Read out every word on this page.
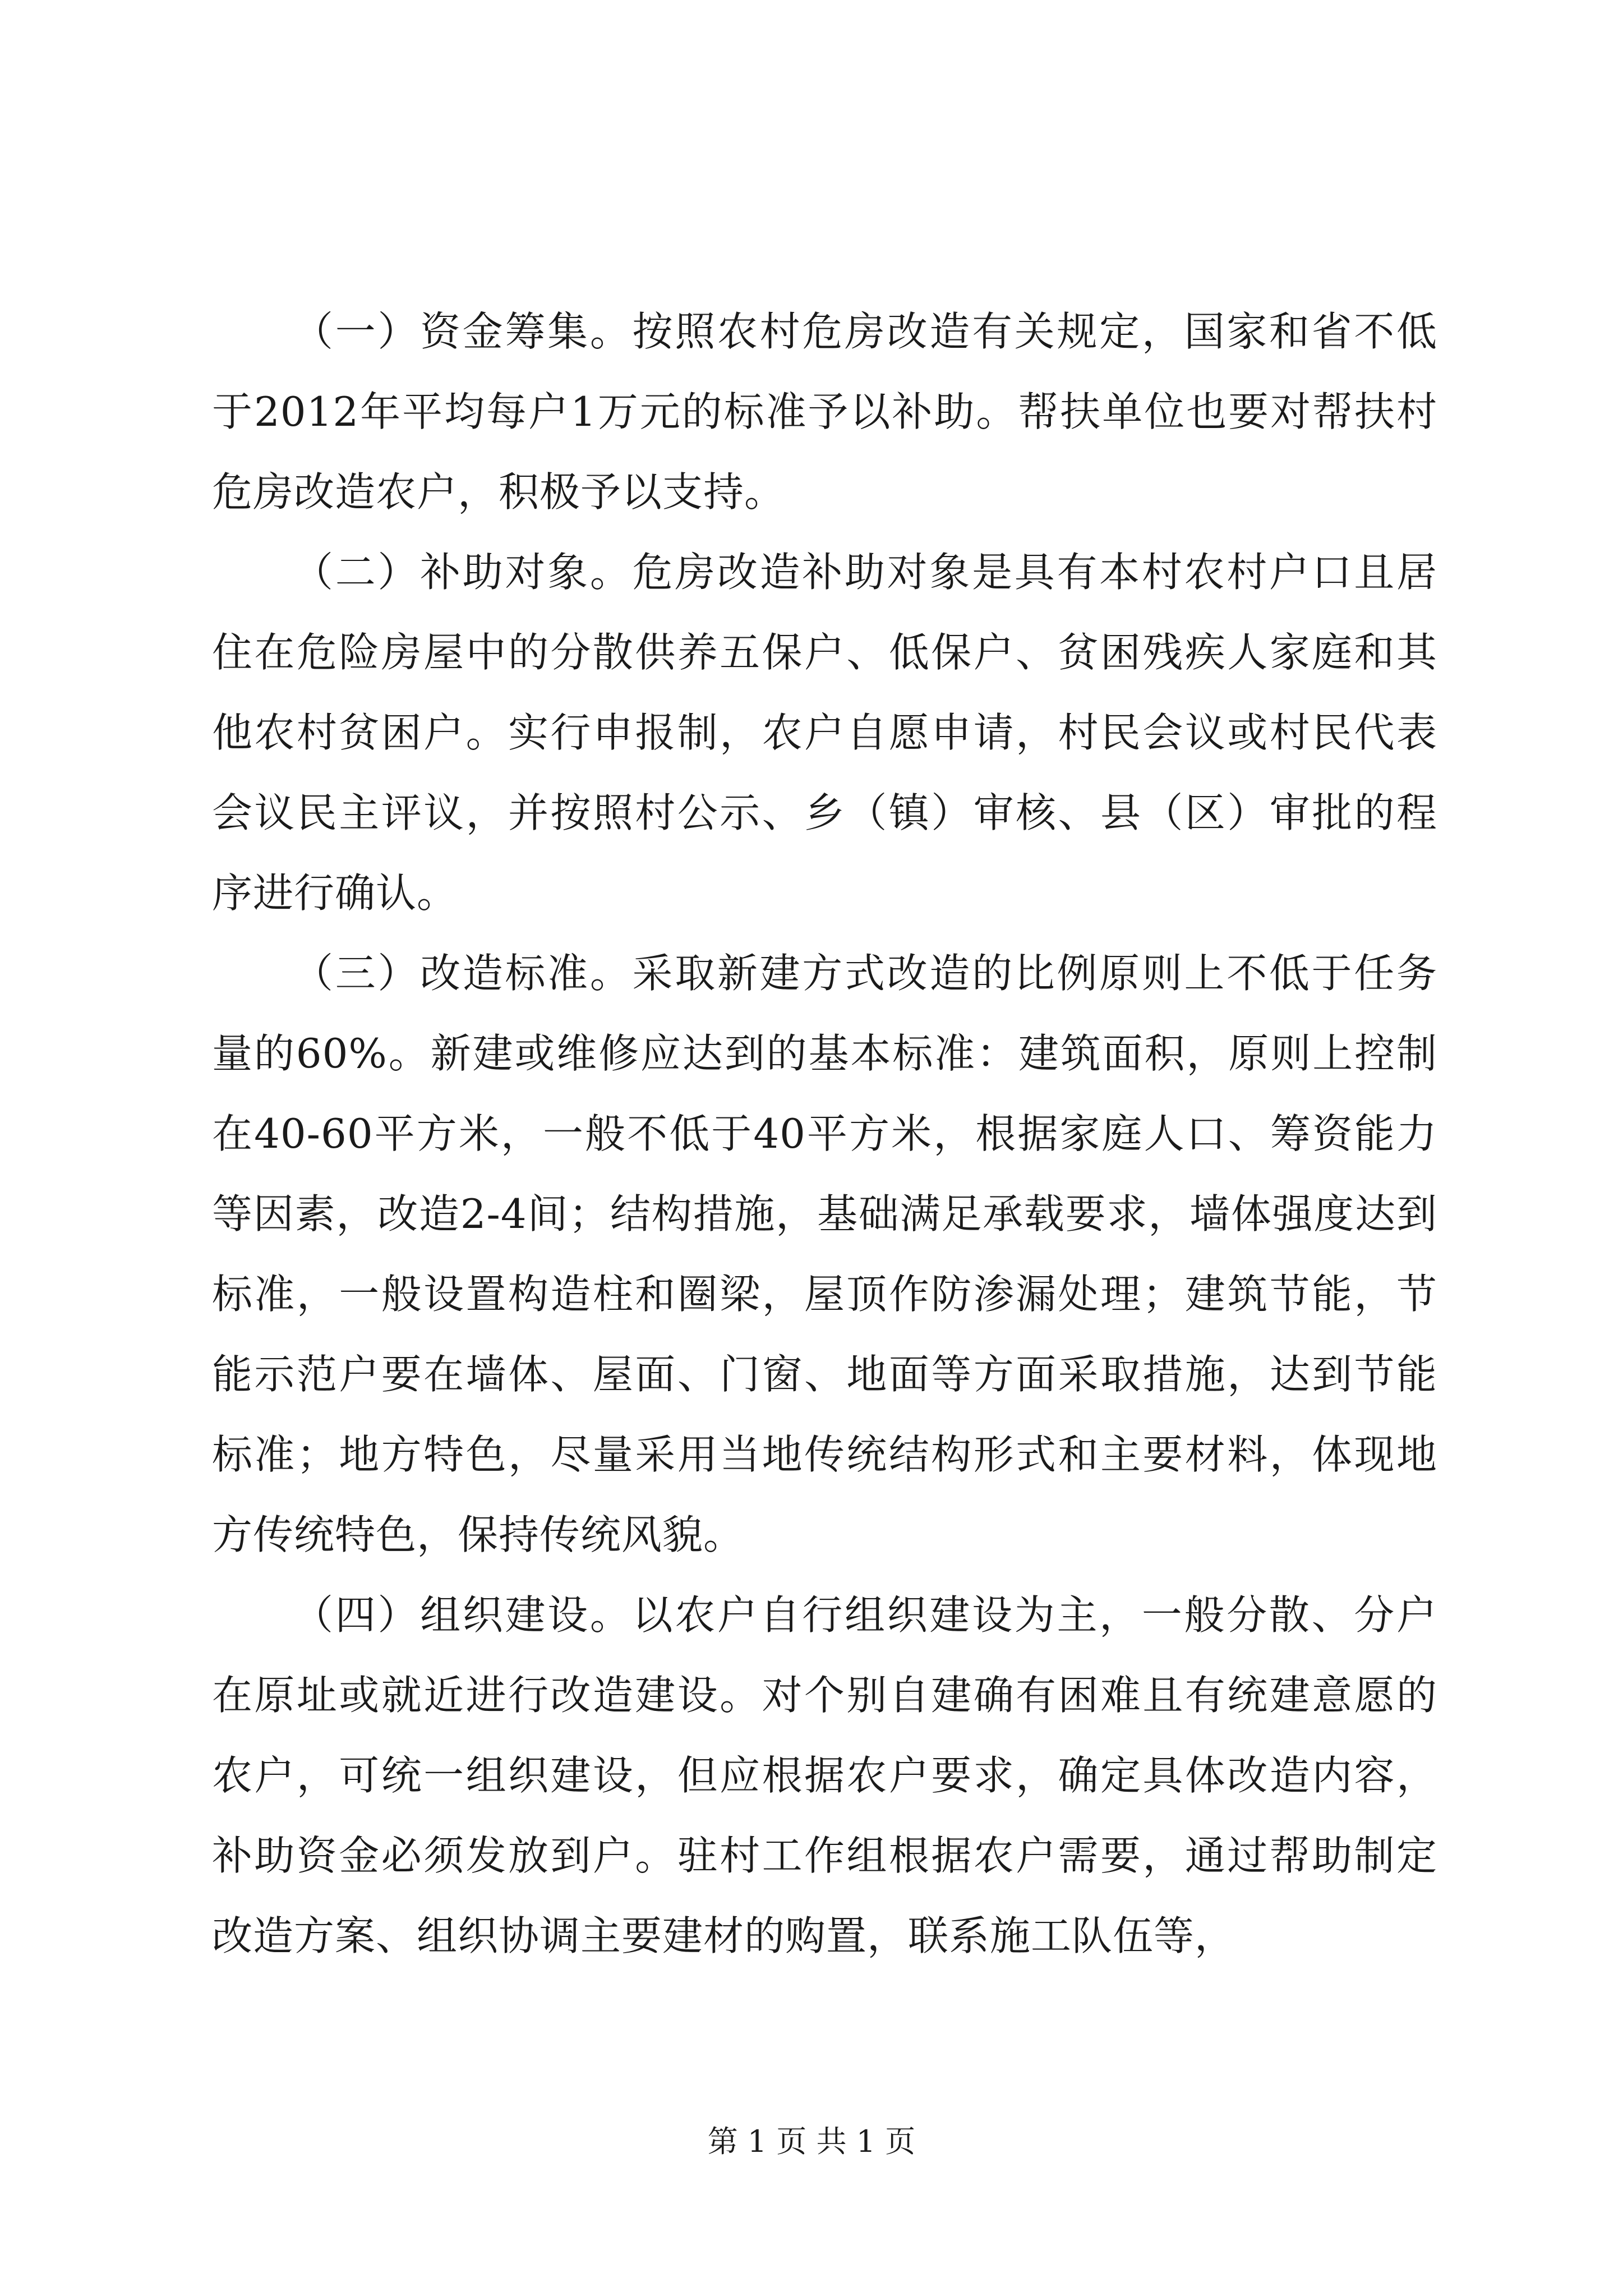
（一）资金筹集。按照农村危房改造有关规定，国家和省不低于2012年平均每户1万元的标准予以补助。帮扶单位也要对帮扶村危房改造农户，积极予以支持。

（二）补助对象。危房改造补助对象是具有本村农村户口且居住在危险房屋中的分散供养五保户、低保户、贫困残疾人家庭和其他农村贫困户。实行申报制，农户自愿申请，村民会议或村民代表会议民主评议，并按照村公示、乡（镇）审核、县（区）审批的程序进行确认。

（三）改造标准。采取新建方式改造的比例原则上不低于任务量的60%。新建或维修应达到的基本标准：建筑面积，原则上控制在40-60平方米，一般不低于40平方米，根据家庭人口、筹资能力等因素，改造2-4间；结构措施，基础满足承载要求，墙体强度达到标准，一般设置构造柱和圈梁，屋顶作防渗漏处理；建筑节能，节能示范户要在墙体、屋面、门窗、地面等方面采取措施，达到节能标准；地方特色，尽量采用当地传统结构形式和主要材料，体现地方传统特色，保持传统风貌。

（四）组织建设。以农户自行组织建设为主，一般分散、分户在原址或就近进行改造建设。对个别自建确有困难且有统建意愿的农户，可统一组织建设，但应根据农户要求，确定具体改造内容，补助资金必须发放到户。驻村工作组根据农户需要，通过帮助制定改造方案、组织协调主要建材的购置，联系施工队伍等，

第 1 页 共 1 页
